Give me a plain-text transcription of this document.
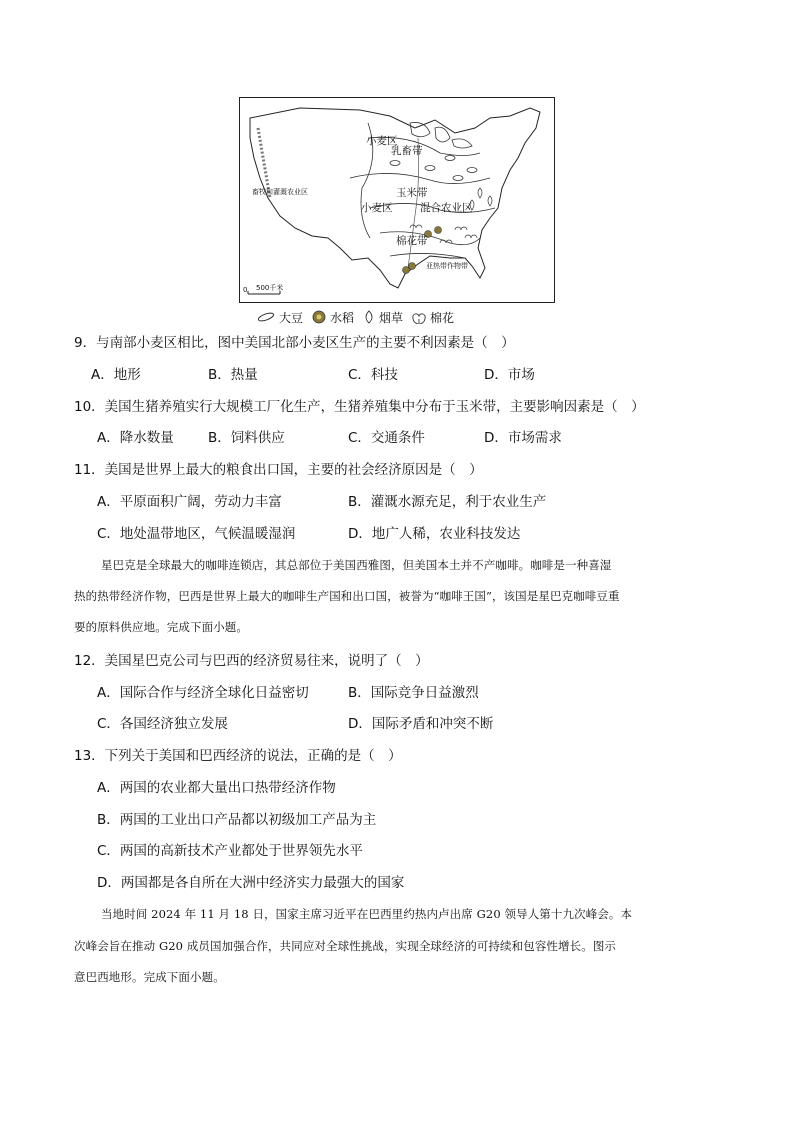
小麦区
乳畜带
畜牧和灌溉农业区	玉米带
小麦区	混合农业区
棉花带
亚热带作物带
0 500千米
大豆 水稻 烟草 棉花
9．与南部小麦区相比，图中美国北部小麦区生产的主要不利因素是（　）
A．地形	B．热量	C．科技	D．市场
10．美国生猪养殖实行大规模工厂化生产，生猪养殖集中分布于玉米带，主要影响因素是（　）
A．降水数量	B．饲料供应	C．交通条件	D．市场需求
11．美国是世界上最大的粮食出口国，主要的社会经济原因是（　）
A．平原面积广阔，劳动力丰富	B．灌溉水源充足，利于农业生产
C．地处温带地区，气候温暖湿润	D．地广人稀，农业科技发达
星巴克是全球最大的咖啡连锁店，其总部位于美国西雅图，但美国本土并不产咖啡。咖啡是一种喜湿
热的热带经济作物，巴西是世界上最大的咖啡生产国和出口国，被誉为“咖啡王国”，该国是星巴克咖啡豆重
要的原料供应地。完成下面小题。
12．美国星巴克公司与巴西的经济贸易往来，说明了（　）
A．国际合作与经济全球化日益密切	B．国际竞争日益激烈
C．各国经济独立发展	D．国际矛盾和冲突不断
13．下列关于美国和巴西经济的说法，正确的是（　）
A．两国的农业都大量出口热带经济作物
B．两国的工业出口产品都以初级加工产品为主
C．两国的高新技术产业都处于世界领先水平
D．两国都是各自所在大洲中经济实力最强大的国家
当地时间 2024 年 11 月 18 日，国家主席习近平在巴西里约热内卢出席 G20 领导人第十九次峰会。本
次峰会旨在推动 G20 成员国加强合作，共同应对全球性挑战，实现全球经济的可持续和包容性增长。图示
意巴西地形。完成下面小题。
